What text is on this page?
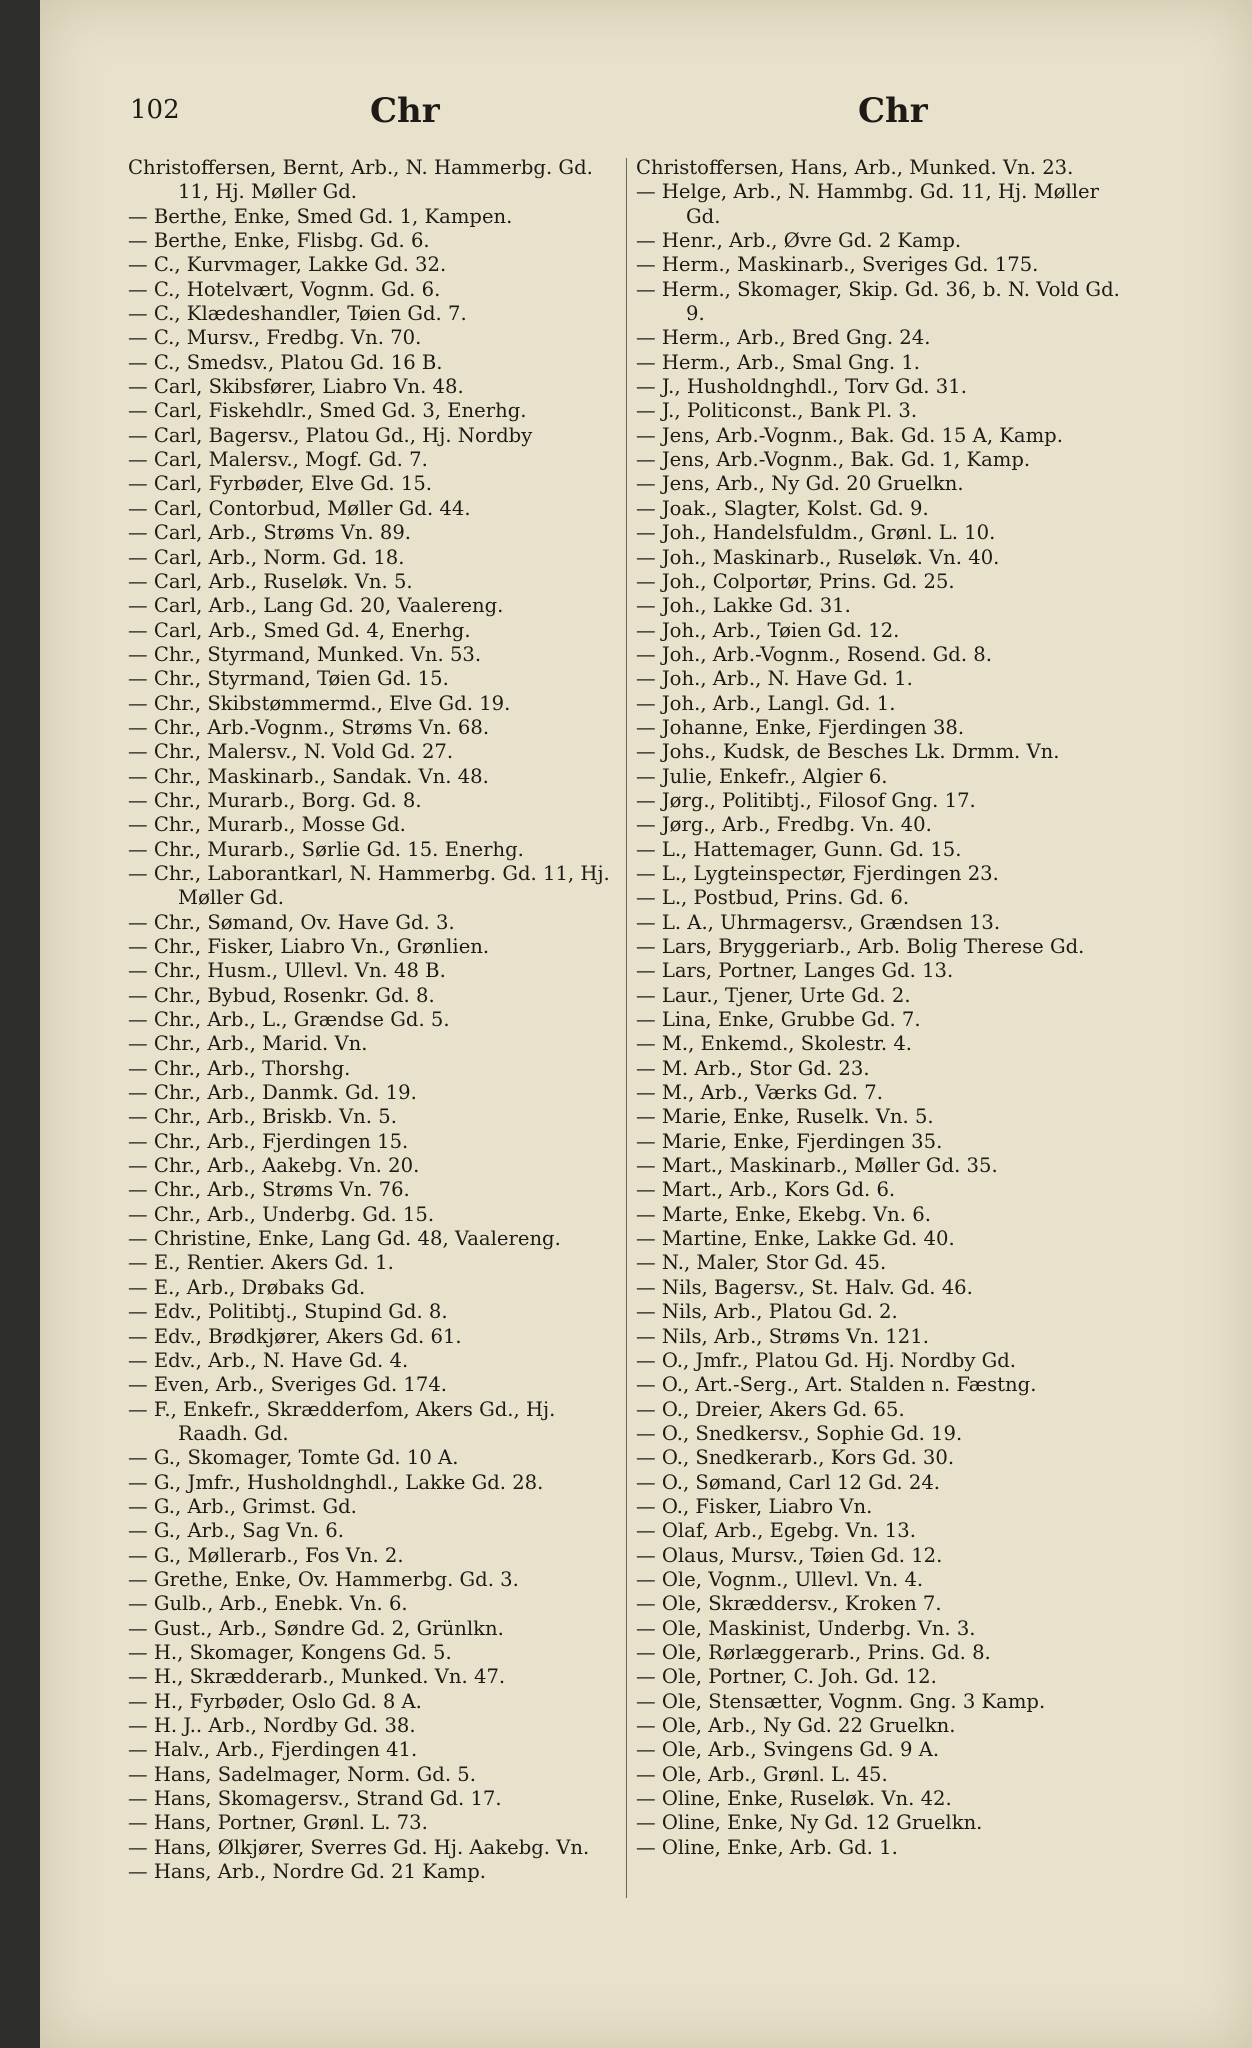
102	Chr	Chr

Christoffersen, Bernt, Arb., N. Hammerbg. Gd. 11, Hj. Møller Gd.

— Berthe, Enke, Smed Gd. 1, Kampen.

— Berthe, Enke, Flisbg. Gd. 6.

— C., Kurvmager, Lakke Gd. 32.

— C., Hotelvært, Vognm. Gd. 6.

— C., Klædeshandler, Tøien Gd. 7.

— C., Mursv., Fredbg. Vn. 70.

— C., Smedsv., Platou Gd. 16 B.

— Carl, Skibsfører, Liabro Vn. 48.

— Carl, Fiskehdlr., Smed Gd. 3, Enerhg.

— Carl, Bagersv., Platou Gd., Hj. Nordby

— Carl, Malersv., Mogf. Gd. 7.

— Carl, Fyrbøder, Elve Gd. 15.

— Carl, Contorbud, Møller Gd. 44.

— Carl, Arb., Strøms Vn. 89.

— Carl, Arb., Norm. Gd. 18.

— Carl, Arb., Ruseløk. Vn. 5.

— Carl, Arb., Lang Gd. 20, Vaalereng.

— Carl, Arb., Smed Gd. 4, Enerhg.

— Chr., Styrmand, Munked. Vn. 53.

— Chr., Styrmand, Tøien Gd. 15.

— Chr., Skibstømmermd., Elve Gd. 19.

— Chr., Arb.-Vognm., Strøms Vn. 68.

— Chr., Malersv., N. Vold Gd. 27.

— Chr., Maskinarb., Sandak. Vn. 48.

— Chr., Murarb., Borg. Gd. 8.

— Chr., Murarb., Mosse Gd.

— Chr., Murarb., Sørlie Gd. 15. Enerhg.

— Chr., Laborantkarl, N. Hammerbg. Gd. 11, Hj. Møller Gd.

— Chr., Sømand, Ov. Have Gd. 3.

— Chr., Fisker, Liabro Vn., Grønlien.

— Chr., Husm., Ullevl. Vn. 48 B.

— Chr., Bybud, Rosenkr. Gd. 8.

— Chr., Arb., L., Grændse Gd. 5.

— Chr., Arb., Marid. Vn.

— Chr., Arb., Thorshg.

— Chr., Arb., Danmk. Gd. 19.

— Chr., Arb., Briskb. Vn. 5.

— Chr., Arb., Fjerdingen 15.

— Chr., Arb., Aakebg. Vn. 20.

— Chr., Arb., Strøms Vn. 76.

— Chr., Arb., Underbg. Gd. 15.

— Christine, Enke, Lang Gd. 48, Vaalereng.

— E., Rentier. Akers Gd. 1.

— E., Arb., Drøbaks Gd.

— Edv., Politibtj., Stupind Gd. 8.

— Edv., Brødkjører, Akers Gd. 61.

— Edv., Arb., N. Have Gd. 4.

— Even, Arb., Sveriges Gd. 174.

— F., Enkefr., Skrædderfom, Akers Gd., Hj. Raadh. Gd.

— G., Skomager, Tomte Gd. 10 A.

— G., Jmfr., Husholdnghdl., Lakke Gd. 28.

— G., Arb., Grimst. Gd.

— G., Arb., Sag Vn. 6.

— G., Møllerarb., Fos Vn. 2.

— Grethe, Enke, Ov. Hammerbg. Gd. 3.

— Gulb., Arb., Enebk. Vn. 6.

— Gust., Arb., Søndre Gd. 2, Grünlkn.

— H., Skomager, Kongens Gd. 5.

— H., Skrædderarb., Munked. Vn. 47.

— H., Fyrbøder, Oslo Gd. 8 A.

— H. J.. Arb., Nordby Gd. 38.

— Halv., Arb., Fjerdingen 41.

— Hans, Sadelmager, Norm. Gd. 5.

— Hans, Skomagersv., Strand Gd. 17.

— Hans, Portner, Grønl. L. 73.

— Hans, Ølkjører, Sverres Gd. Hj. Aakebg. Vn.

— Hans, Arb., Nordre Gd. 21 Kamp.

Christoffersen, Hans, Arb., Munked. Vn. 23.

— Helge, Arb., N. Hammbg. Gd. 11, Hj. Møller Gd.

— Henr., Arb., Øvre Gd. 2 Kamp.

— Herm., Maskinarb., Sveriges Gd. 175.

— Herm., Skomager, Skip. Gd. 36, b. N. Vold Gd. 9.

— Herm., Arb., Bred Gng. 24.

— Herm., Arb., Smal Gng. 1.

— J., Husholdnghdl., Torv Gd. 31.

— J., Politiconst., Bank Pl. 3.

— Jens, Arb.-Vognm., Bak. Gd. 15 A, Kamp.

— Jens, Arb.-Vognm., Bak. Gd. 1, Kamp.

— Jens, Arb., Ny Gd. 20 Gruelkn.

— Joak., Slagter, Kolst. Gd. 9.

— Joh., Handelsfuldm., Grønl. L. 10.

— Joh., Maskinarb., Ruseløk. Vn. 40.

— Joh., Colportør, Prins. Gd. 25.

— Joh., Lakke Gd. 31.

— Joh., Arb., Tøien Gd. 12.

— Joh., Arb.-Vognm., Rosend. Gd. 8.

— Joh., Arb., N. Have Gd. 1.

— Joh., Arb., Langl. Gd. 1.

— Johanne, Enke, Fjerdingen 38.

— Johs., Kudsk, de Besches Lk. Drmm. Vn.

— Julie, Enkefr., Algier 6.

— Jørg., Politibtj., Filosof Gng. 17.

— Jørg., Arb., Fredbg. Vn. 40.

— L., Hattemager, Gunn. Gd. 15.

— L., Lygteinspectør, Fjerdingen 23.

— L., Postbud, Prins. Gd. 6.

— L. A., Uhrmagersv., Grændsen 13.

— Lars, Bryggeriarb., Arb. Bolig Therese Gd.

— Lars, Portner, Langes Gd. 13.

— Laur., Tjener, Urte Gd. 2.

— Lina, Enke, Grubbe Gd. 7.

— M., Enkemd., Skolestr. 4.

— M. Arb., Stor Gd. 23.

— M., Arb., Værks Gd. 7.

— Marie, Enke, Ruselk. Vn. 5.

— Marie, Enke, Fjerdingen 35.

— Mart., Maskinarb., Møller Gd. 35.

— Mart., Arb., Kors Gd. 6.

— Marte, Enke, Ekebg. Vn. 6.

— Martine, Enke, Lakke Gd. 40.

— N., Maler, Stor Gd. 45.

— Nils, Bagersv., St. Halv. Gd. 46.

— Nils, Arb., Platou Gd. 2.

— Nils, Arb., Strøms Vn. 121.

— O., Jmfr., Platou Gd. Hj. Nordby Gd.

— O., Art.-Serg., Art. Stalden n. Fæstng.

— O., Dreier, Akers Gd. 65.

— O., Snedkersv., Sophie Gd. 19.

— O., Snedkerarb., Kors Gd. 30.

— O., Sømand, Carl 12 Gd. 24.

— O., Fisker, Liabro Vn.

— Olaf, Arb., Egebg. Vn. 13.

— Olaus, Mursv., Tøien Gd. 12.

— Ole, Vognm., Ullevl. Vn. 4.

— Ole, Skræddersv., Kroken 7.

— Ole, Maskinist, Underbg. Vn. 3.

— Ole, Rørlæggerarb., Prins. Gd. 8.

— Ole, Portner, C. Joh. Gd. 12.

— Ole, Stensætter, Vognm. Gng. 3 Kamp.

— Ole, Arb., Ny Gd. 22 Gruelkn.

— Ole, Arb., Svingens Gd. 9 A.

— Ole, Arb., Grønl. L. 45.

— Oline, Enke, Ruseløk. Vn. 42.

— Oline, Enke, Ny Gd. 12 Gruelkn.

— Oline, Enke, Arb. Gd. 1.
